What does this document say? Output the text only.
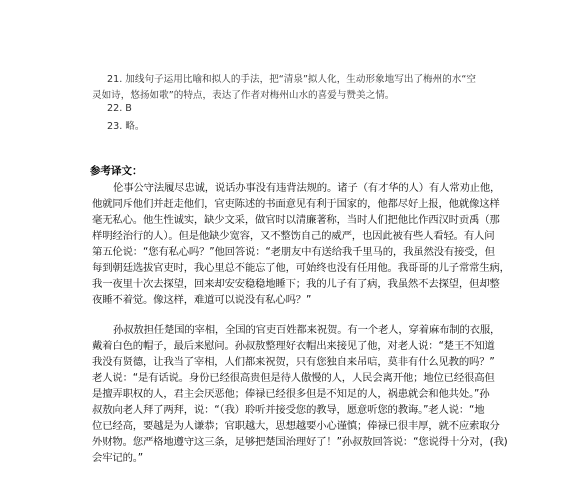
21. 加线句子运用比喻和拟人的手法，把“清泉”拟人化，生动形象地写出了梅州的水“空
灵如诗，悠扬如歌”的特点，表达了作者对梅州山水的喜爱与赞美之情。
22. B
23. 略。
参考译文：
伦事公守法履尽忠诚，说话办事没有违背法规的。诸子（有才华的人）有人常劝止他，
他就同斥他们并赶走他们，官吏陈述的书面意见有利于国家的，他都尽好上报，他就像这样
毫无私心。他生性诚实，缺少文采，做官时以清廉著称，当时人们把他比作西汉时贡禹（那
样明经治行的人）。但是他缺少宽容，又不整饬自己的威严，也因此被有些人看轻。有人问
第五伦说：“您有私心吗？”他回答说：“老朋友中有送给我千里马的，我虽然没有接受，但
每到朝廷选拔官吏时，我心里总不能忘了他，可始终也没有任用他。我哥哥的儿子常常生病，
我一夜里十次去探望，回来却安安稳稳地睡下；我的儿子有了病，我虽然不去探望，但却整
夜睡不着觉。像这样，难道可以说没有私心吗？”
孙叔敖担任楚国的宰相，全国的官吏百姓都来祝贺。有一个老人，穿着麻布制的衣服，
戴着白色的帽子，最后来慰问。孙叔敖整理好衣帽出来接见了他，对老人说：“楚王不知道
我没有贤德，让我当了宰相，人们都来祝贺，只有您独自来吊唁，莫非有什么见教的吗？”
老人说：“是有话说。身份已经很高贵但是待人傲慢的人，人民会离开他；地位已经很高但
是擅弄职权的人，君主会厌恶他；俸禄已经很多但是不知足的人，祸患就会和他共处。”孙
叔敖向老人拜了两拜，说：“（我）聆听并接受您的教导，愿意听您的教诲。”老人说：“地
位已经高，要越是为人谦恭；官职越大，思想越要小心谨慎；俸禄已很丰厚，就不应索取分
外财物。您严格地遵守这三条，足够把楚国治理好了！”孙叔敖回答说：“您说得十分对，(我)
会牢记的。”
